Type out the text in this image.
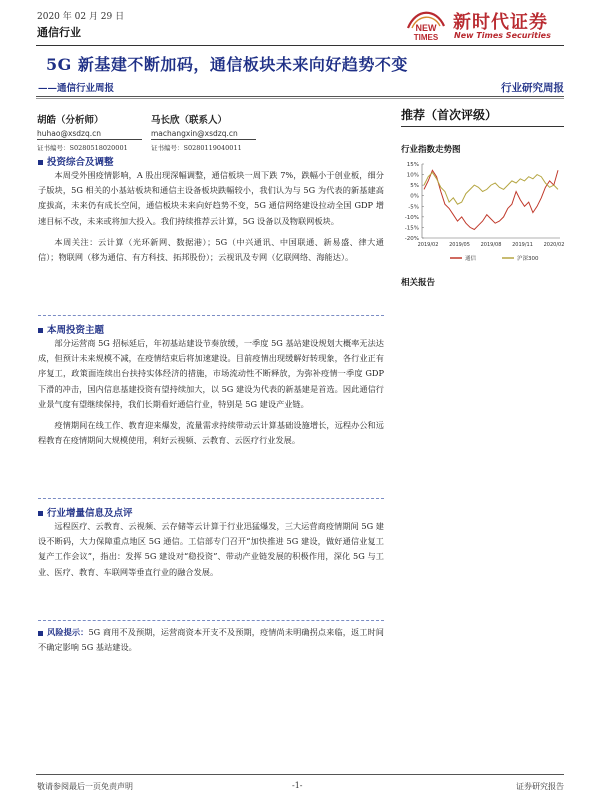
2020 年 02 月 29 日
通信行业	NEW
TIMES
新时代证券
New Times Securities
5G 新基建不断加码，通信板块未来向好趋势不变
——通信行业周报	行业研究周报
胡皓（分析师）
huhao@xsdzq.cn
证书编号：S0280518020001
马长欣（联系人）
machangxin@xsdzq.cn
证书编号：S0280119040011
投资综合及调整

本周受外围疫情影响，A 股出现深幅调整，通信板块一周下跌 7%，跌幅小于创业板，细分子版块，5G 相关的小基站板块和通信主设备板块跌幅较小，我们认为与 5G 为代表的新基建高度拔高，未来仍有成长空间，通信板块未来向好趋势不变，5G 通信网络建设拉动全国 GDP 增速目标不改，未来或将加大投入。我们持续推荐云计算，5G 设备以及物联网板块。

本周关注：云计算（光环新网、数据港）；5G（中兴通讯、中国联通、新易盛、律大通信）；物联网（移为通信、有方科技、拓邦股份）；云视讯及专网（亿联网络、海能达）。

本周投资主题

部分运营商 5G 招标延后，年初基站建设节奏放缓，一季度 5G 基站建设规划大概率无法达成，但预计未来规模不减，在疫情结束后将加速建设。目前疫情出现缓解好转现象，各行业正有序复工，政策面连续出台扶持实体经济的措施，市场流动性不断释放，为弥补疫情一季度 GDP 下滑的冲击，国内信息基建投资有望持续加大，以 5G 建设为代表的新基建是首选。因此通信行业景气度有望继续保持，我们长期看好通信行业，特别是 5G 建设产业链。

疫情期间在线工作、教育迎来爆发，流量需求持续带动云计算基础设施增长，远程办公和远程教育在疫情期间大规模使用，利好云视频、云教育、云医疗行业发展。

行业增量信息及点评

远程医疗、云教育、云视频、云存储等云计算于行业迅猛爆发，三大运营商疫情期间 5G 建设不断码，大力保障重点地区 5G 通信。工信部专门召开“加快推进 5G 建设，做好通信业复工复产工作会议”，指出：发挥 5G 建设对“稳投资”、带动产业链发展的积极作用，深化 5G 与工业、医疗、教育、车联网等垂直行业的融合发展。

风险提示：5G 商用不及预期，运营商资本开支不及预期，疫情尚未明确拐点来临，返工时间不确定影响 5G 基站建设。

推荐（首次评级）
行业指数走势图
15%
10%
5%
0%
-5%
-10%
-15%
-20%
2019/02 2019/05 2019/08 2019/11 2020/02
通信	沪深300
相关报告
敬请参阅最后一页免责声明	-1-	证券研究报告
